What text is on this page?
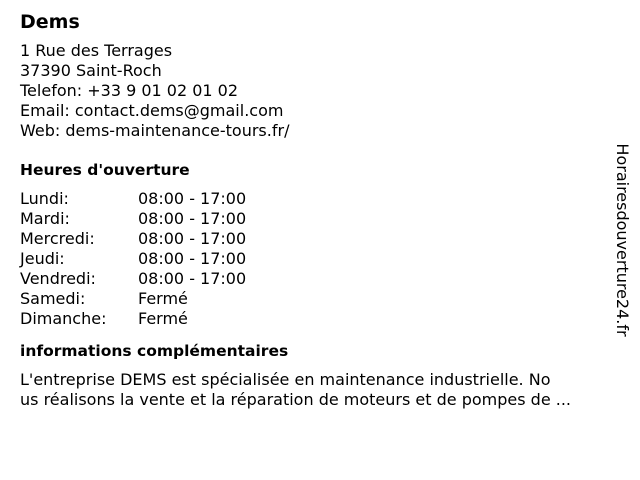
Dems
1 Rue des Terrages
37390 Saint-Roch
Telefon: +33 9 01 02 01 02
Email: contact.dems@gmail.com
Web: dems-maintenance-tours.fr/
Heures d'ouverture
Lundi:	08:00 - 17:00
Mardi:	08:00 - 17:00
Mercredi:	08:00 - 17:00
Jeudi:	08:00 - 17:00
Vendredi:	08:00 - 17:00
Samedi:	Fermé
Dimanche:	Fermé
informations complémentaires
L'entreprise DEMS est spécialisée en maintenance industrielle. No
us réalisons la vente et la réparation de moteurs et de pompes de ...
Horairesdouverture24.fr
